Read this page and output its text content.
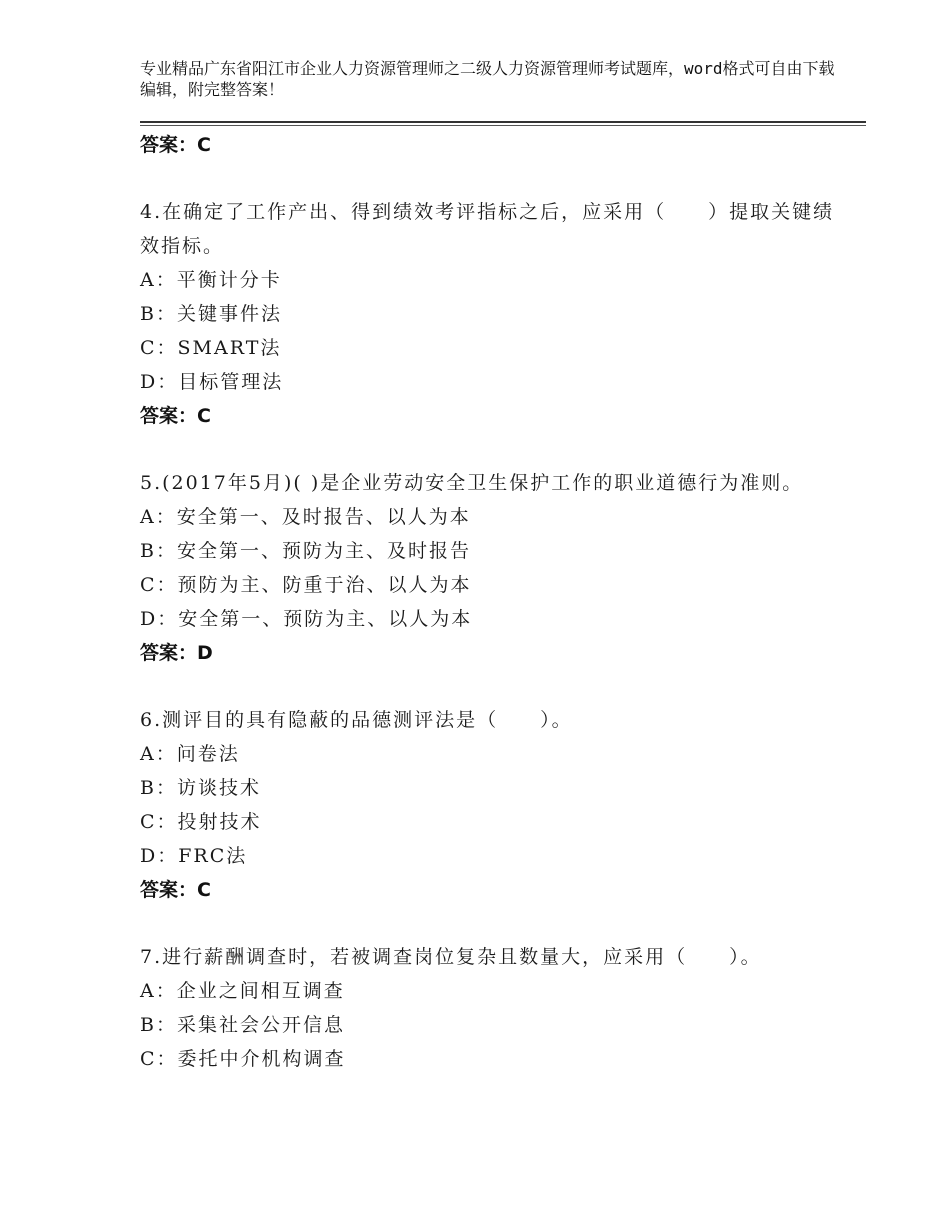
专业精品广东省阳江市企业人力资源管理师之二级人力资源管理师考试题库，word格式可自由下载编辑，附完整答案！
答案：C
4.在确定了工作产出、得到绩效考评指标之后，应采用（　　）提取关键绩效指标。
A：平衡计分卡
B：关键事件法
C：SMART法
D：目标管理法
答案：C
5.(2017年5月)( )是企业劳动安全卫生保护工作的职业道德行为准则。
A：安全第一、及时报告、以人为本
B：安全第一、预防为主、及时报告
C：预防为主、防重于治、以人为本
D：安全第一、预防为主、以人为本
答案：D
6.测评目的具有隐蔽的品德测评法是（　　）。
A：问卷法
B：访谈技术
C：投射技术
D：FRC法
答案：C
7.进行薪酬调查时，若被调查岗位复杂且数量大，应采用（　　）。
A：企业之间相互调查
B：采集社会公开信息
C：委托中介机构调查
